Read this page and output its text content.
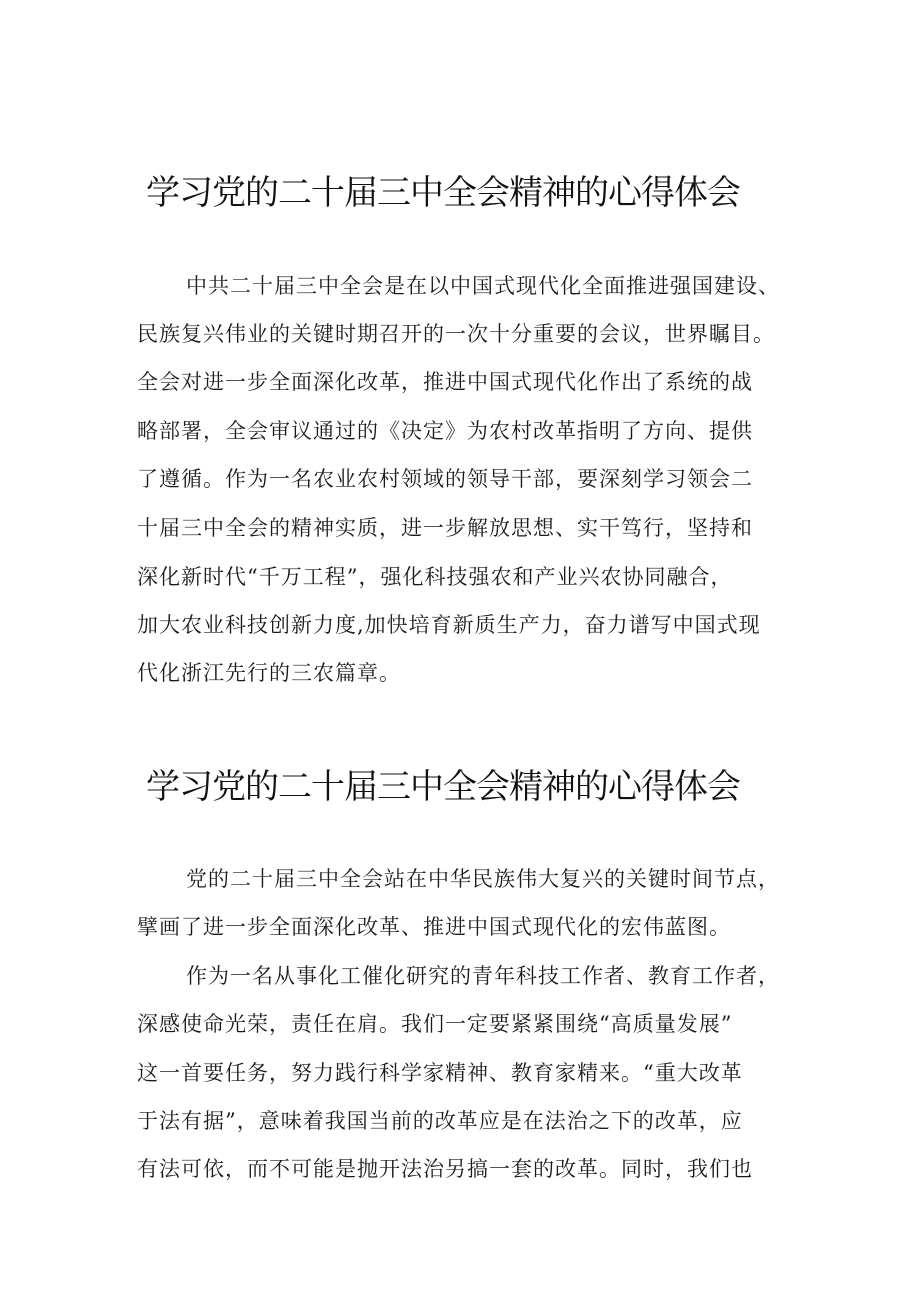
学习党的二十届三中全会精神的心得体会

中共二十届三中全会是在以中国式现代化全面推进强国建设、

民族复兴伟业的关键时期召开的一次十分重要的会议，世界瞩目。

全会对进一步全面深化改革，推进中国式现代化作出了系统的战

略部署，全会审议通过的《决定》为农村改革指明了方向、提供

了遵循。作为一名农业农村领域的领导干部，要深刻学习领会二

十届三中全会的精神实质，进一步解放思想、实干笃行，坚持和

深化新时代“千万工程”，强化科技强农和产业兴农协同融合，

加大农业科技创新力度,加快培育新质生产力，奋力谱写中国式现

代化浙江先行的三农篇章。

学习党的二十届三中全会精神的心得体会

党的二十届三中全会站在中华民族伟大复兴的关键时间节点，

擘画了进一步全面深化改革、推进中国式现代化的宏伟蓝图。

作为一名从事化工催化研究的青年科技工作者、教育工作者，

深感使命光荣，责任在肩。我们一定要紧紧围绕“高质量发展”

这一首要任务，努力践行科学家精神、教育家精来。“重大改革

于法有据”，意味着我国当前的改革应是在法治之下的改革，应

有法可依，而不可能是抛开法治另搞一套的改革。同时，我们也
